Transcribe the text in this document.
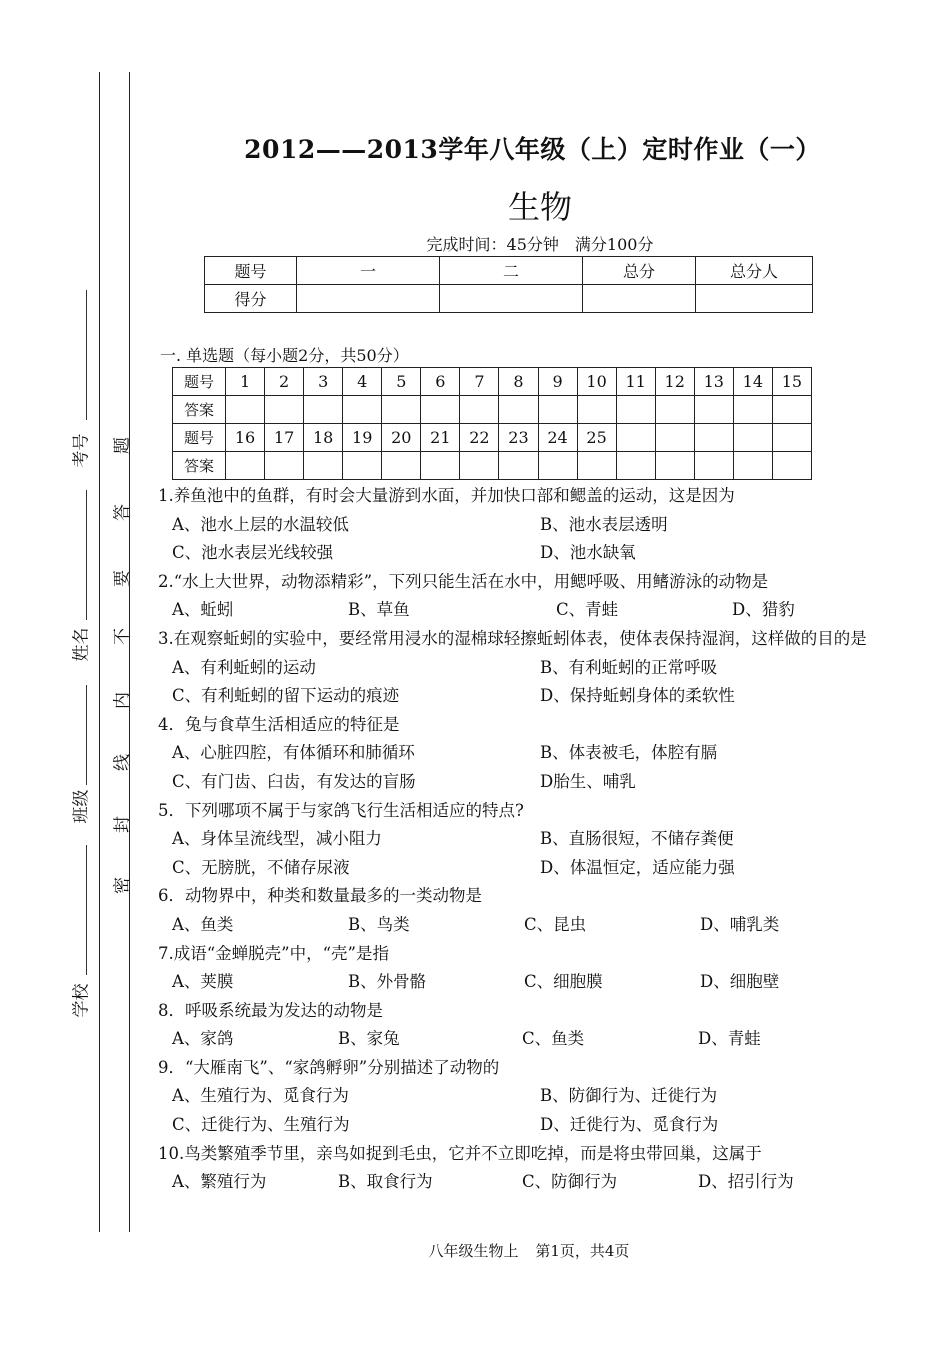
考号
姓名
班级
学校
题
答
要
不
内
线
封
密
2012——2013学年八年级（上）定时作业（一）
生物
完成时间：45分钟　满分100分
题号	一	二	总分	总分人
得分				
一. 单选题（每小题2分，共50分）
题号	1	2	3	4	5	6	7	8	9	10	11	12	13	14	15
答案															
题号	16	17	18	19	20	21	22	23	24	25					
答案															
1.养鱼池中的鱼群，有时会大量游到水面，并加快口部和鳃盖的运动，这是因为
A、池水上层的水温较低	B、池水表层透明
C、池水表层光线较强	D、池水缺氧
2.“水上大世界，动物添精彩”，下列只能生活在水中，用鳃呼吸、用鳍游泳的动物是
A、蚯蚓	B、草鱼	C、青蛙	D、猎豹
3.在观察蚯蚓的实验中，要经常用浸水的湿棉球轻擦蚯蚓体表，使体表保持湿润，这样做的目的是
A、有利蚯蚓的运动	B、有利蚯蚓的正常呼吸
C、有利蚯蚓的留下运动的痕迹	D、保持蚯蚓身体的柔软性
4．兔与食草生活相适应的特征是
A、心脏四腔，有体循环和肺循环	B、体表被毛，体腔有膈
C、有门齿、臼齿，有发达的盲肠	D胎生、哺乳
5．下列哪项不属于与家鸽飞行生活相适应的特点?
A、身体呈流线型，减小阻力	B、直肠很短，不储存粪便
C、无膀胱，不储存尿液	D、体温恒定，适应能力强
6．动物界中，种类和数量最多的一类动物是
A、鱼类	B、鸟类	C、昆虫	D、哺乳类
7.成语“金蝉脱壳”中，“壳”是指
A、荚膜	B、外骨骼	C、细胞膜	D、细胞壁
8．呼吸系统最为发达的动物是
A、家鸽	B、家兔	C、鱼类	D、青蛙
9．“大雁南飞”、“家鸽孵卵”分别描述了动物的
A、生殖行为、觅食行为	B、防御行为、迁徙行为
C、迁徙行为、生殖行为	D、迁徙行为、觅食行为
10.鸟类繁殖季节里，亲鸟如捉到毛虫，它并不立即吃掉，而是将虫带回巢，这属于
A、繁殖行为	B、取食行为	C、防御行为	D、招引行为
八年级生物上 第1页，共4页
